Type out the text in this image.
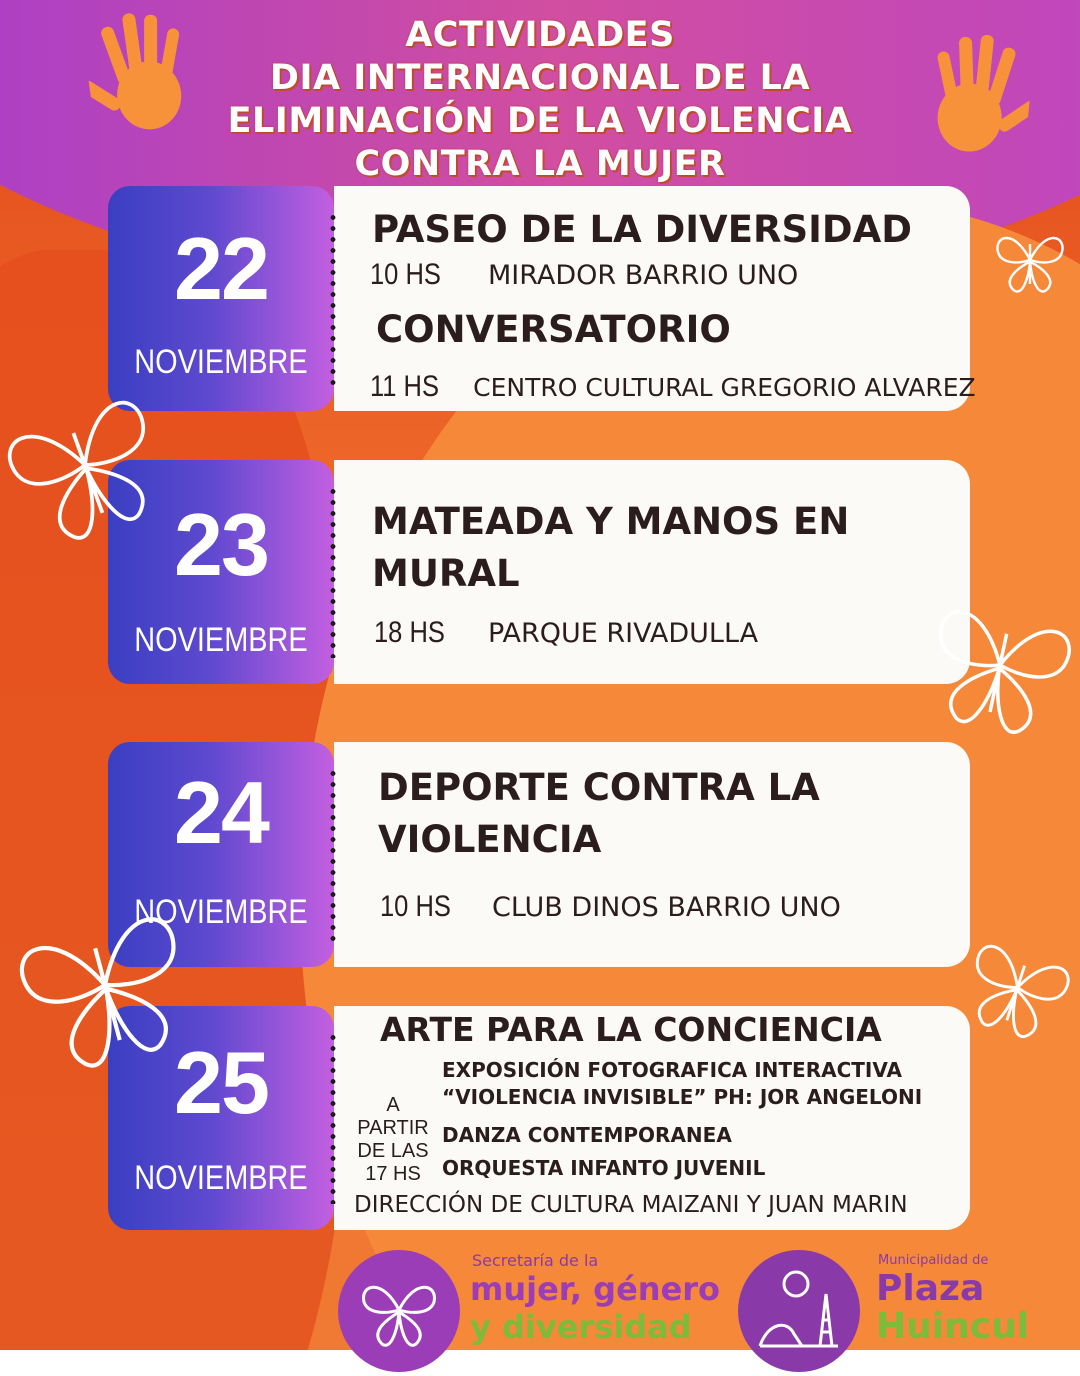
ACTIVIDADES
DIA INTERNACIONAL DE LA
ELIMINACIÓN DE LA VIOLENCIA
CONTRA LA MUJER
22
NOVIEMBRE
PASEO DE LA DIVERSIDAD
10 HS MIRADOR BARRIO UNO
CONVERSATORIO
11 HS CENTRO CULTURAL GREGORIO ALVAREZ
23
NOVIEMBRE
MATEADA Y MANOS EN
MURAL
18 HS PARQUE RIVADULLA
24
NOVIEMBRE
DEPORTE CONTRA LA
VIOLENCIA
10 HS CLUB DINOS BARRIO UNO
25
NOVIEMBRE
ARTE PARA LA CONCIENCIA
A PARTIR
DE LAS
17 HS
EXPOSICIÓN FOTOGRAFICA INTERACTIVA
“VIOLENCIA INVISIBLE” PH: JOR ANGELONI
DANZA CONTEMPORANEA
ORQUESTA INFANTO JUVENIL
DIRECCIÓN DE CULTURA MAIZANI Y JUAN MARIN
Secretaría de la
mujer, género
y diversidad
Municipalidad de
Plaza
Huincul
